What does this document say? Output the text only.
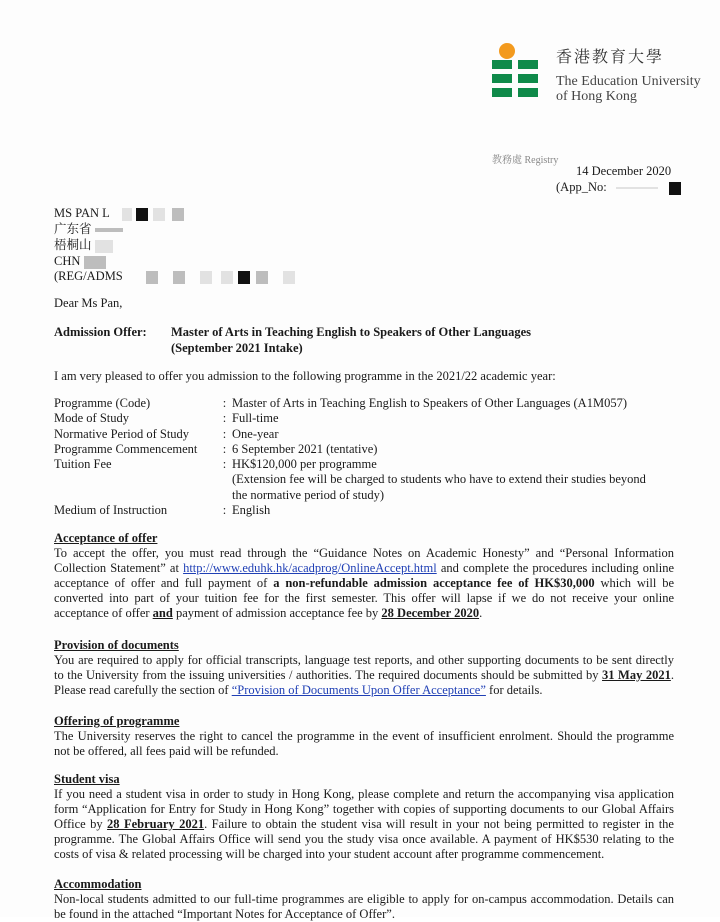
香港教育大學
The Education University
of Hong Kong
教務處 Registry
14 December 2020
(App_No:
MS PAN L
广东省
梧桐山
CHN
(REG/ADMS
Dear Ms Pan,
Admission Offer: Master of Arts in Teaching English to Speakers of Other Languages
(September 2021 Intake)
I am very pleased to offer you admission to the following programme in the 2021/22 academic year:
Programme (Code)	:	Master of Arts in Teaching English to Speakers of Other Languages (A1M057)
Mode of Study	:	Full-time
Normative Period of Study	:	One-year
Programme Commencement	:	6 September 2021 (tentative)
Tuition Fee	:	HK$120,000 per programme
(Extension fee will be charged to students who have to extend their studies beyond the normative period of study)

Medium of Instruction	:	English
Acceptance of offer
To accept the offer, you must read through the “Guidance Notes on Academic Honesty” and “Personal Information Collection Statement” at http://www.eduhk.hk/acadprog/OnlineAccept.html and complete the procedures including online acceptance of offer and full payment of a non-refundable admission acceptance fee of HK$30,000 which will be converted into part of your tuition fee for the first semester. This offer will lapse if we do not receive your online acceptance of offer and payment of admission acceptance fee by 28 December 2020.
Provision of documents
You are required to apply for official transcripts, language test reports, and other supporting documents to be sent directly to the University from the issuing universities / authorities. The required documents should be submitted by 31 May 2021. Please read carefully the section of “Provision of Documents Upon Offer Acceptance” for details.
Offering of programme
The University reserves the right to cancel the programme in the event of insufficient enrolment. Should the programme not be offered, all fees paid will be refunded.
Student visa
If you need a student visa in order to study in Hong Kong, please complete and return the accompanying visa application form “Application for Entry for Study in Hong Kong” together with copies of supporting documents to our Global Affairs Office by 28 February 2021. Failure to obtain the student visa will result in your not being permitted to register in the programme. The Global Affairs Office will send you the study visa once available. A payment of HK$530 relating to the costs of visa & related processing will be charged into your student account after programme commencement.
Accommodation
Non-local students admitted to our full-time programmes are eligible to apply for on-campus accommodation. Details can be found in the attached “Important Notes for Acceptance of Offer”.
